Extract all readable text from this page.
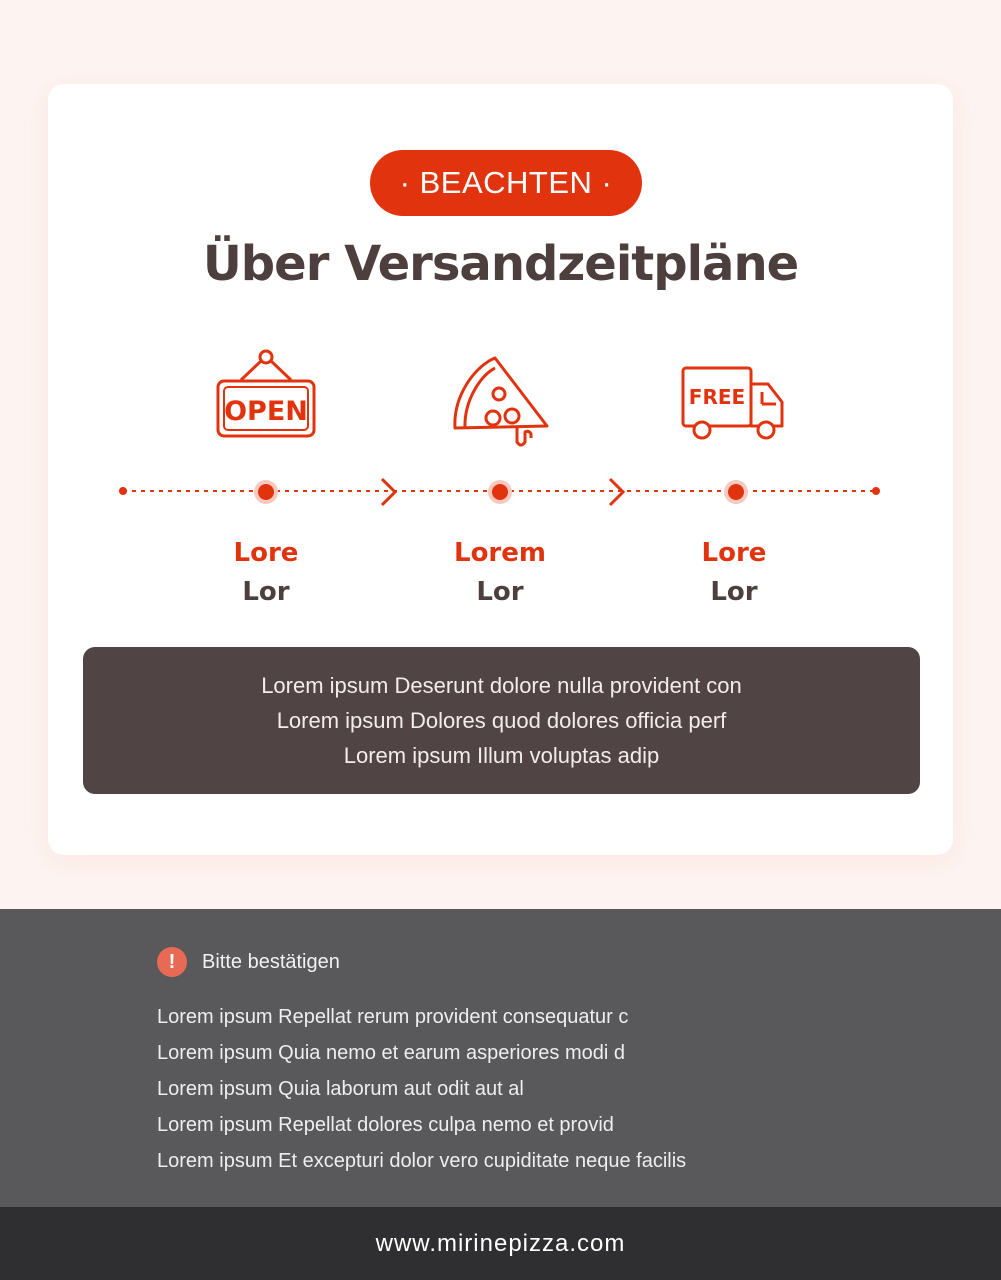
· BEACHTEN ·
Über Versandzeitpläne
OPEN	FREE
Lore
Lor
Lorem
Lor
Lore
Lor
Lorem ipsum Deserunt dolore nulla provident con
Lorem ipsum Dolores quod dolores officia perf
Lorem ipsum Illum voluptas adip
!	Bitte bestätigen
Lorem ipsum Repellat rerum provident consequatur c
Lorem ipsum Quia nemo et earum asperiores modi d
Lorem ipsum Quia laborum aut odit aut al
Lorem ipsum Repellat dolores culpa nemo et provid
Lorem ipsum Et excepturi dolor vero cupiditate neque facilis
www.mirinepizza.com
